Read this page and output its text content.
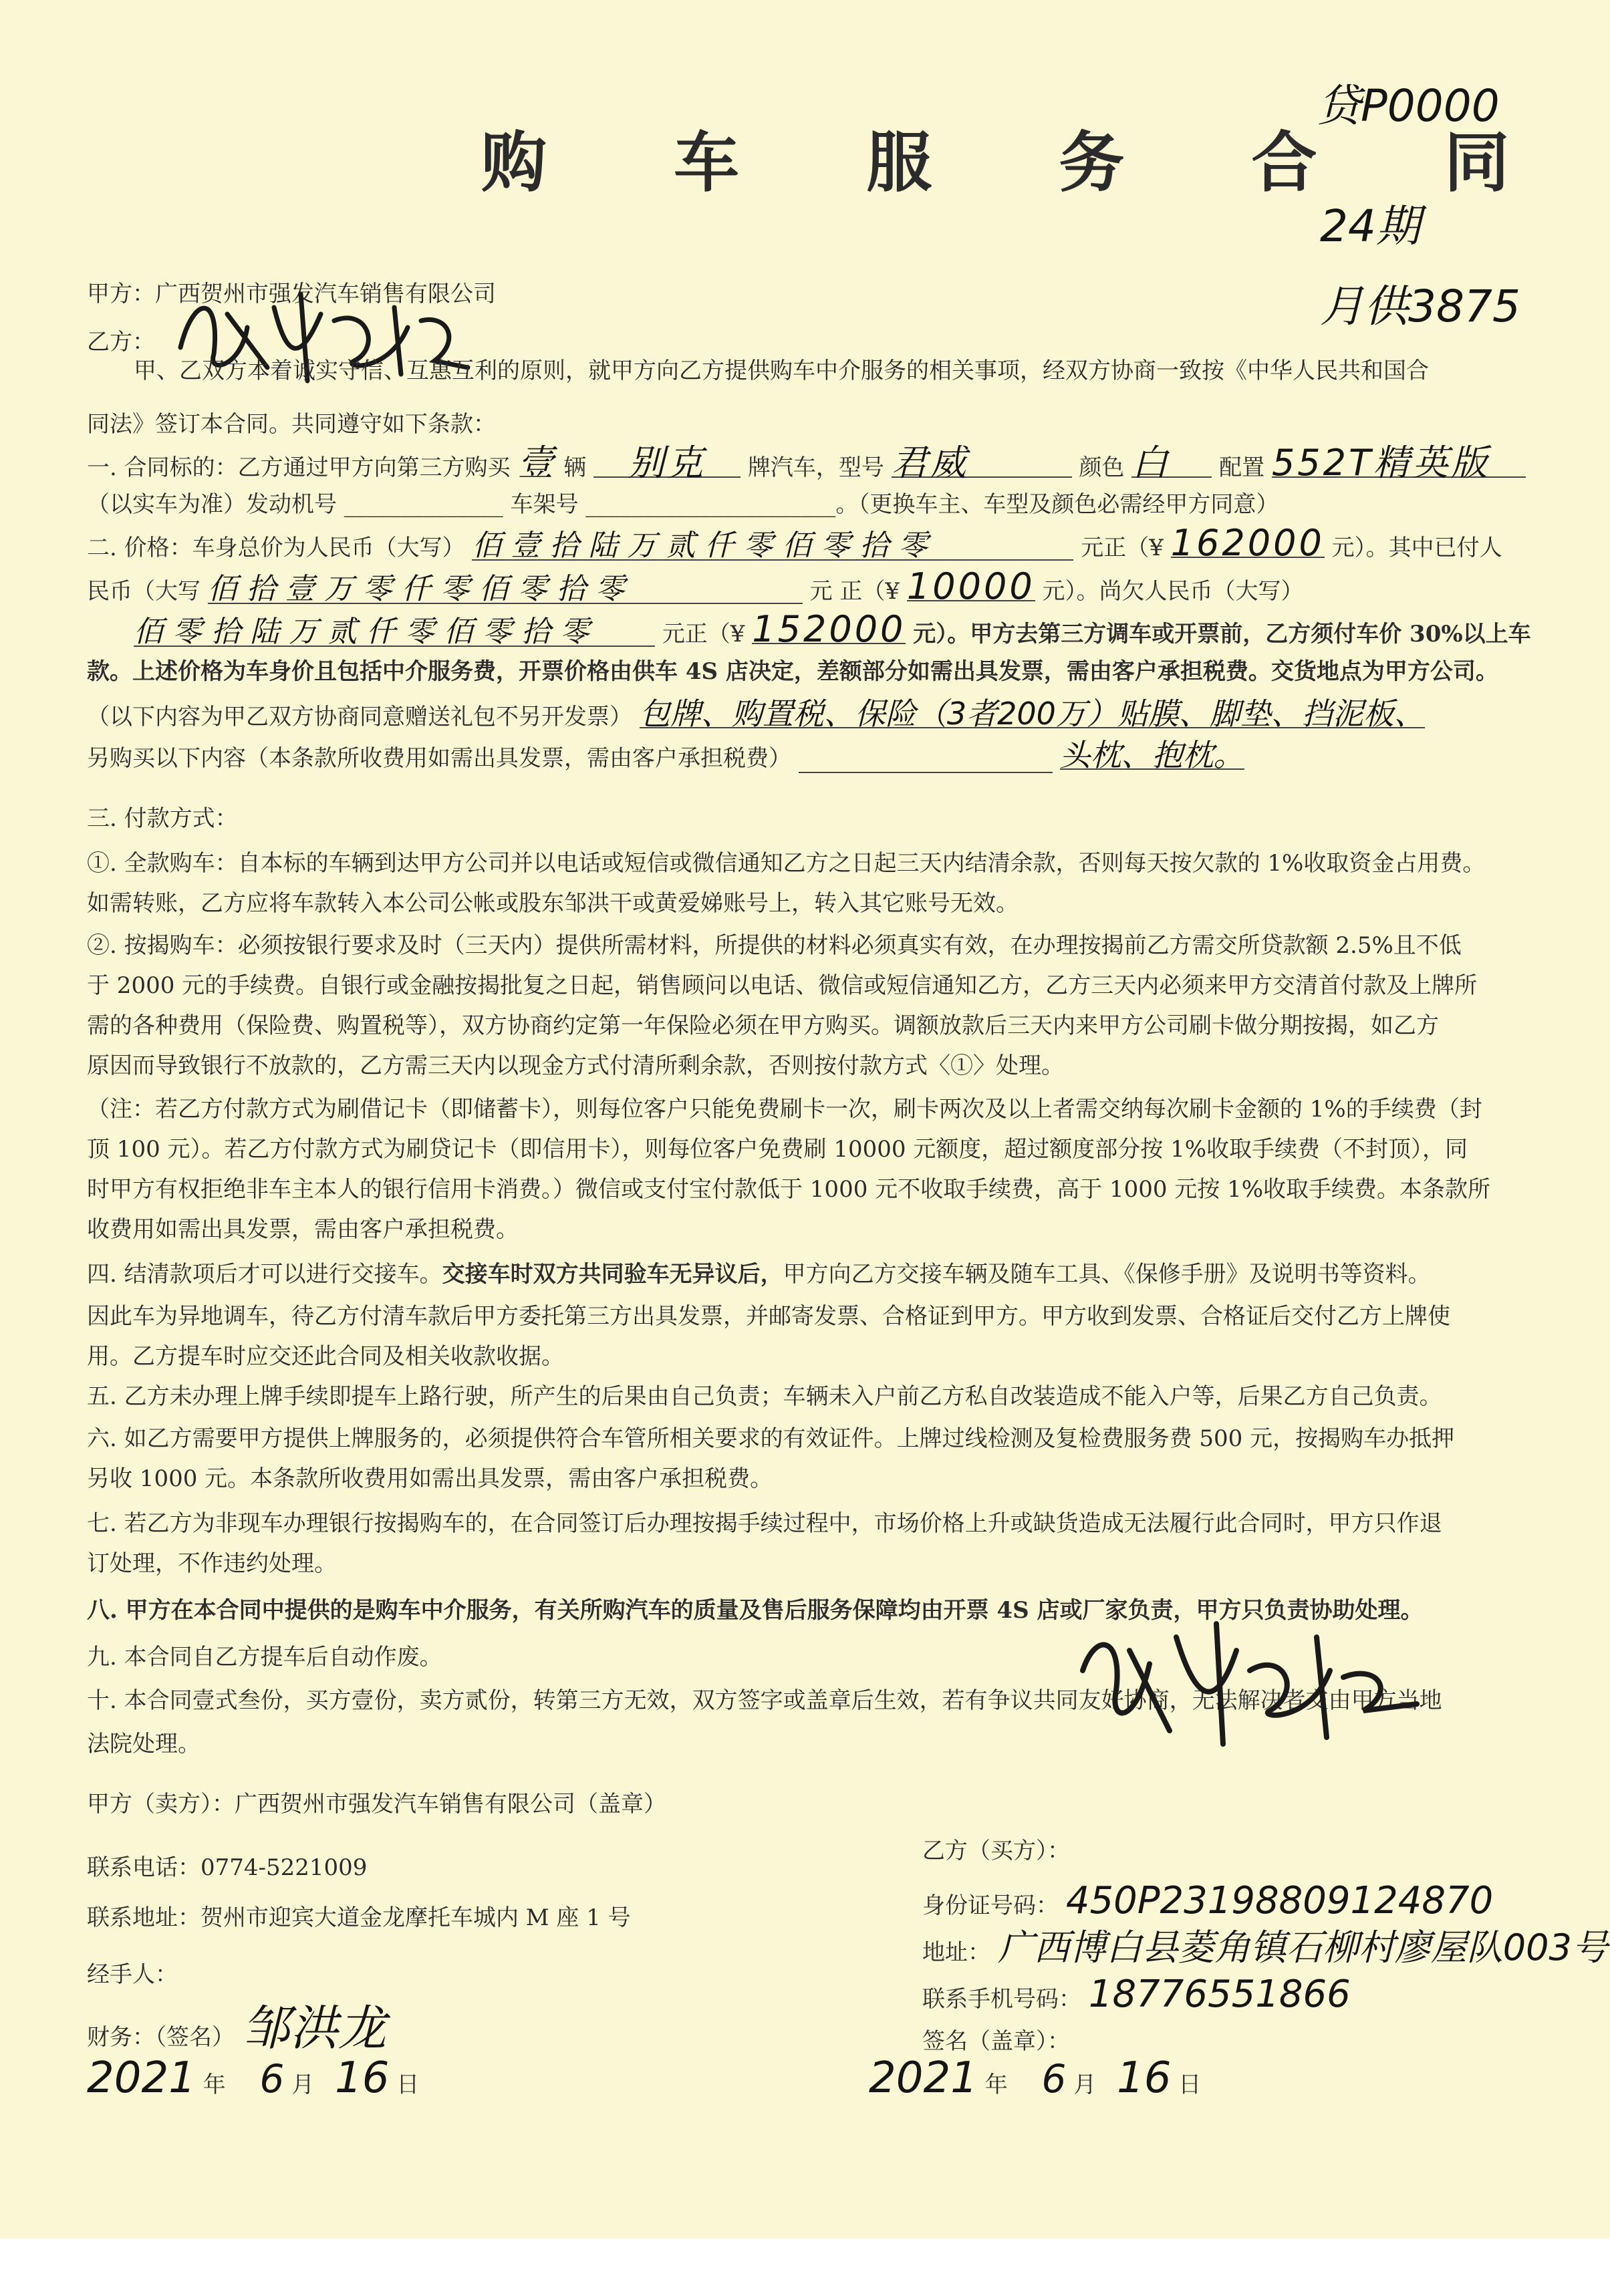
购 车 服 务 合 同
贷P0000
24期
月供3875
甲方：广西贺州市强发汽车销售有限公司
乙方：
甲、乙双方本着诚实守信、互惠互利的原则，就甲方向乙方提供购车中介服务的相关事项，经双方协商一致按《中华人民共和国合
同法》签订本合同。共同遵守如下条款：
一. 合同标的：乙方通过甲方向第三方购买 壹 辆 别克 牌汽车，型号 君威	颜色 白 配置 552T精英版
（以实车为准）发动机号 ______________ 车架号 ______________________。（更换车主、车型及颜色必需经甲方同意）
二. 价格：车身总价为人民币（大写） 佰 壹 拾 陆 万 贰 仟 零 佰 零 拾 零	元正（¥ 162000 元）。其中已付人
民币（大写 佰 拾 壹 万 零 仟 零 佰 零 拾 零	元 正（¥ 10000 元）。尚欠人民币（大写）
佰 零 拾 陆 万 贰 仟 零 佰 零 拾 零	元正（¥ 152000 元）。甲方去第三方调车或开票前，乙方须付车价 30%以上车
款。上述价格为车身价且包括中介服务费，开票价格由供车 4S 店决定，差额部分如需出具发票，需由客户承担税费。交货地点为甲方公司。
（以下内容为甲乙双方协商同意赠送礼包不另开发票） 包牌、购置税、保险（3者200万）贴膜、脚垫、挡泥板、
另购买以下内容（本条款所收费用如需出具发票，需由客户承担税费）	头枕、抱枕。
三. 付款方式：
①. 全款购车：自本标的车辆到达甲方公司并以电话或短信或微信通知乙方之日起三天内结清余款，否则每天按欠款的 1%收取资金占用费。
如需转账，乙方应将车款转入本公司公帐或股东邹洪干或黄爱娣账号上，转入其它账号无效。
②. 按揭购车：必须按银行要求及时（三天内）提供所需材料，所提供的材料必须真实有效，在办理按揭前乙方需交所贷款额 2.5%且不低
于 2000 元的手续费。自银行或金融按揭批复之日起，销售顾问以电话、微信或短信通知乙方，乙方三天内必须来甲方交清首付款及上牌所
需的各种费用（保险费、购置税等），双方协商约定第一年保险必须在甲方购买。调额放款后三天内来甲方公司刷卡做分期按揭，如乙方
原因而导致银行不放款的，乙方需三天内以现金方式付清所剩余款，否则按付款方式〈①〉处理。
（注：若乙方付款方式为刷借记卡（即储蓄卡），则每位客户只能免费刷卡一次，刷卡两次及以上者需交纳每次刷卡金额的 1%的手续费（封
顶 100 元）。若乙方付款方式为刷贷记卡（即信用卡），则每位客户免费刷 10000 元额度，超过额度部分按 1%收取手续费（不封顶），同
时甲方有权拒绝非车主本人的银行信用卡消费。）微信或支付宝付款低于 1000 元不收取手续费，高于 1000 元按 1%收取手续费。本条款所
收费用如需出具发票，需由客户承担税费。
四. 结清款项后才可以进行交接车。交接车时双方共同验车无异议后，甲方向乙方交接车辆及随车工具、《保修手册》及说明书等资料。
因此车为异地调车，待乙方付清车款后甲方委托第三方出具发票，并邮寄发票、合格证到甲方。甲方收到发票、合格证后交付乙方上牌使
用。乙方提车时应交还此合同及相关收款收据。
五. 乙方未办理上牌手续即提车上路行驶，所产生的后果由自己负责；车辆未入户前乙方私自改装造成不能入户等，后果乙方自己负责。
六. 如乙方需要甲方提供上牌服务的，必须提供符合车管所相关要求的有效证件。上牌过线检测及复检费服务费 500 元，按揭购车办抵押
另收 1000 元。本条款所收费用如需出具发票，需由客户承担税费。
七. 若乙方为非现车办理银行按揭购车的，在合同签订后办理按揭手续过程中，市场价格上升或缺货造成无法履行此合同时，甲方只作退
订处理，不作违约处理。
八. 甲方在本合同中提供的是购车中介服务，有关所购汽车的质量及售后服务保障均由开票 4S 店或厂家负责，甲方只负责协助处理。
九. 本合同自乙方提车后自动作废。
十. 本合同壹式叁份，买方壹份，卖方贰份，转第三方无效，双方签字或盖章后生效，若有争议共同友好协商，无法解决者交由甲方当地
法院处理。
甲方（卖方）：广西贺州市强发汽车销售有限公司（盖章）
乙方（买方）：
联系电话：0774-5221009
联系地址：贺州市迎宾大道金龙摩托车城内 M 座 1 号
经手人：
财务：（签名） 邹洪龙
2021 年 6 月 16 日
身份证号码： 450P23198809124870
地址： 广西博白县菱角镇石柳村廖屋队003号
联系手机号码： 18776551866
签名（盖章）：
2021 年 6 月 16 日
